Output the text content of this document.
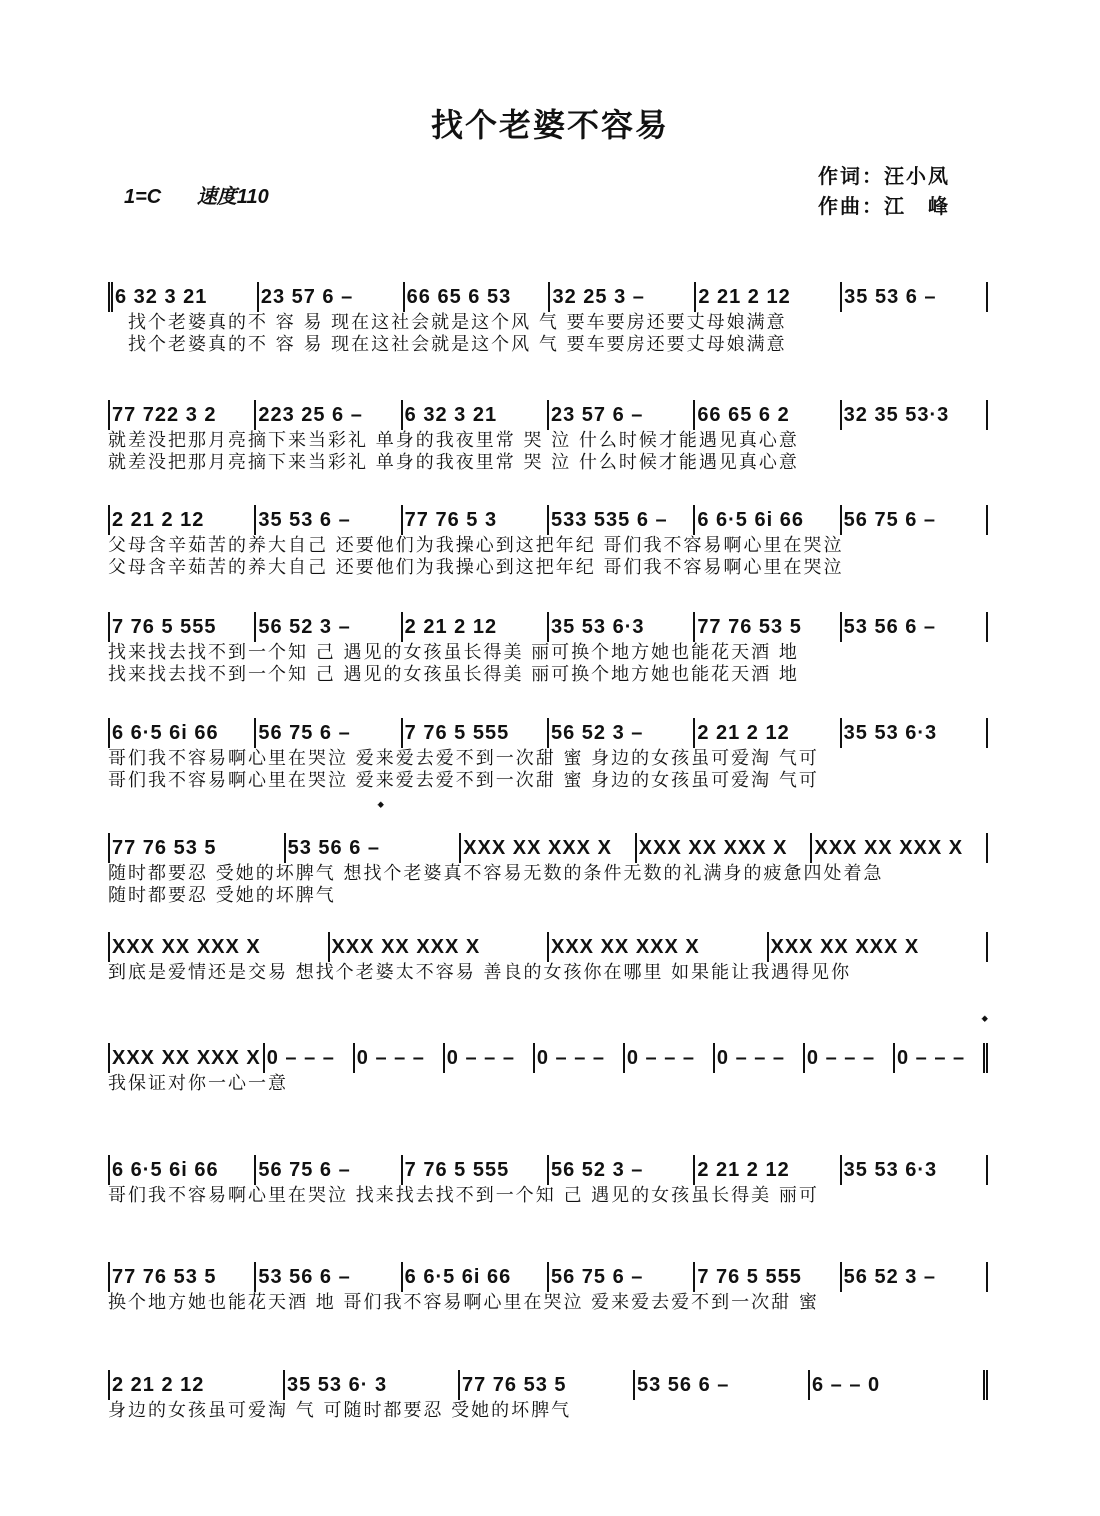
找个老婆不容易
1=C 速度110
作词：汪小凤
作曲：江　峰
6 32 3 21	23 57 6 –	66 65 6 53	32 25 3 –	2 21 2 12	35 53 6 –
找个老婆真的不 容 易 现在这社会就是这个风 气 要车要房还要丈母娘满意
找个老婆真的不 容 易 现在这社会就是这个风 气 要车要房还要丈母娘满意
77 722 3 2	223 25 6 –	6 32 3 21	23 57 6 –	66 65 6 2	32 35 53·3
就差没把那月亮摘下来当彩礼 单身的我夜里常 哭 泣 什么时候才能遇见真心意
就差没把那月亮摘下来当彩礼 单身的我夜里常 哭 泣 什么时候才能遇见真心意
2 21 2 12	35 53 6 –	77 76 5 3	533 535 6 –	6 6·5 6i 66	56 75 6 –
父母含辛茹苦的养大自己 还要他们为我操心到这把年纪 哥们我不容易啊心里在哭泣
父母含辛茹苦的养大自己 还要他们为我操心到这把年纪 哥们我不容易啊心里在哭泣
7 76 5 555	56 52 3 –	2 21 2 12	35 53 6·3	77 76 53 5	53 56 6 –
找来找去找不到一个知 己 遇见的女孩虽长得美 丽可换个地方她也能花天酒 地
找来找去找不到一个知 己 遇见的女孩虽长得美 丽可换个地方她也能花天酒 地
6 6·5 6i 66	56 75 6 –	7 76 5 555	56 52 3 –	2 21 2 12	35 53 6·3
哥们我不容易啊心里在哭泣 爱来爱去爱不到一次甜 蜜 身边的女孩虽可爱淘 气可
哥们我不容易啊心里在哭泣 爱来爱去爱不到一次甜 蜜 身边的女孩虽可爱淘 气可
77 76 53 5	53 56 6 –	XXX XX XXX X	XXX XX XXX X	XXX XX XXX X
随时都要忍 受她的坏脾气 想找个老婆真不容易无数的条件无数的礼满身的疲惫四处着急
随时都要忍 受她的坏脾气
XXX XX XXX X	XXX XX XXX X	XXX XX XXX X	XXX XX XXX X
到底是爱情还是交易 想找个老婆太不容易 善良的女孩你在哪里 如果能让我遇得见你
XXX XX XXX X 0 – – –	0 – – –	0 – – –	0 – – –	0 – – –	0 – – –	0 – – –	0 – – –
我保证对你一心一意
6 6·5 6i 66	56 75 6 –	7 76 5 555	56 52 3 –	2 21 2 12	35 53 6·3
哥们我不容易啊心里在哭泣 找来找去找不到一个知 己 遇见的女孩虽长得美 丽可
77 76 53 5	53 56 6 –	6 6·5 6i 66	56 75 6 –	7 76 5 555	56 52 3 –
换个地方她也能花天酒 地 哥们我不容易啊心里在哭泣 爱来爱去爱不到一次甜 蜜
2 21 2 12	35 53 6· 3	77 76 53 5	53 56 6 –	6 – – 0
身边的女孩虽可爱淘 气 可随时都要忍 受她的坏脾气
𝄌
𝄌
